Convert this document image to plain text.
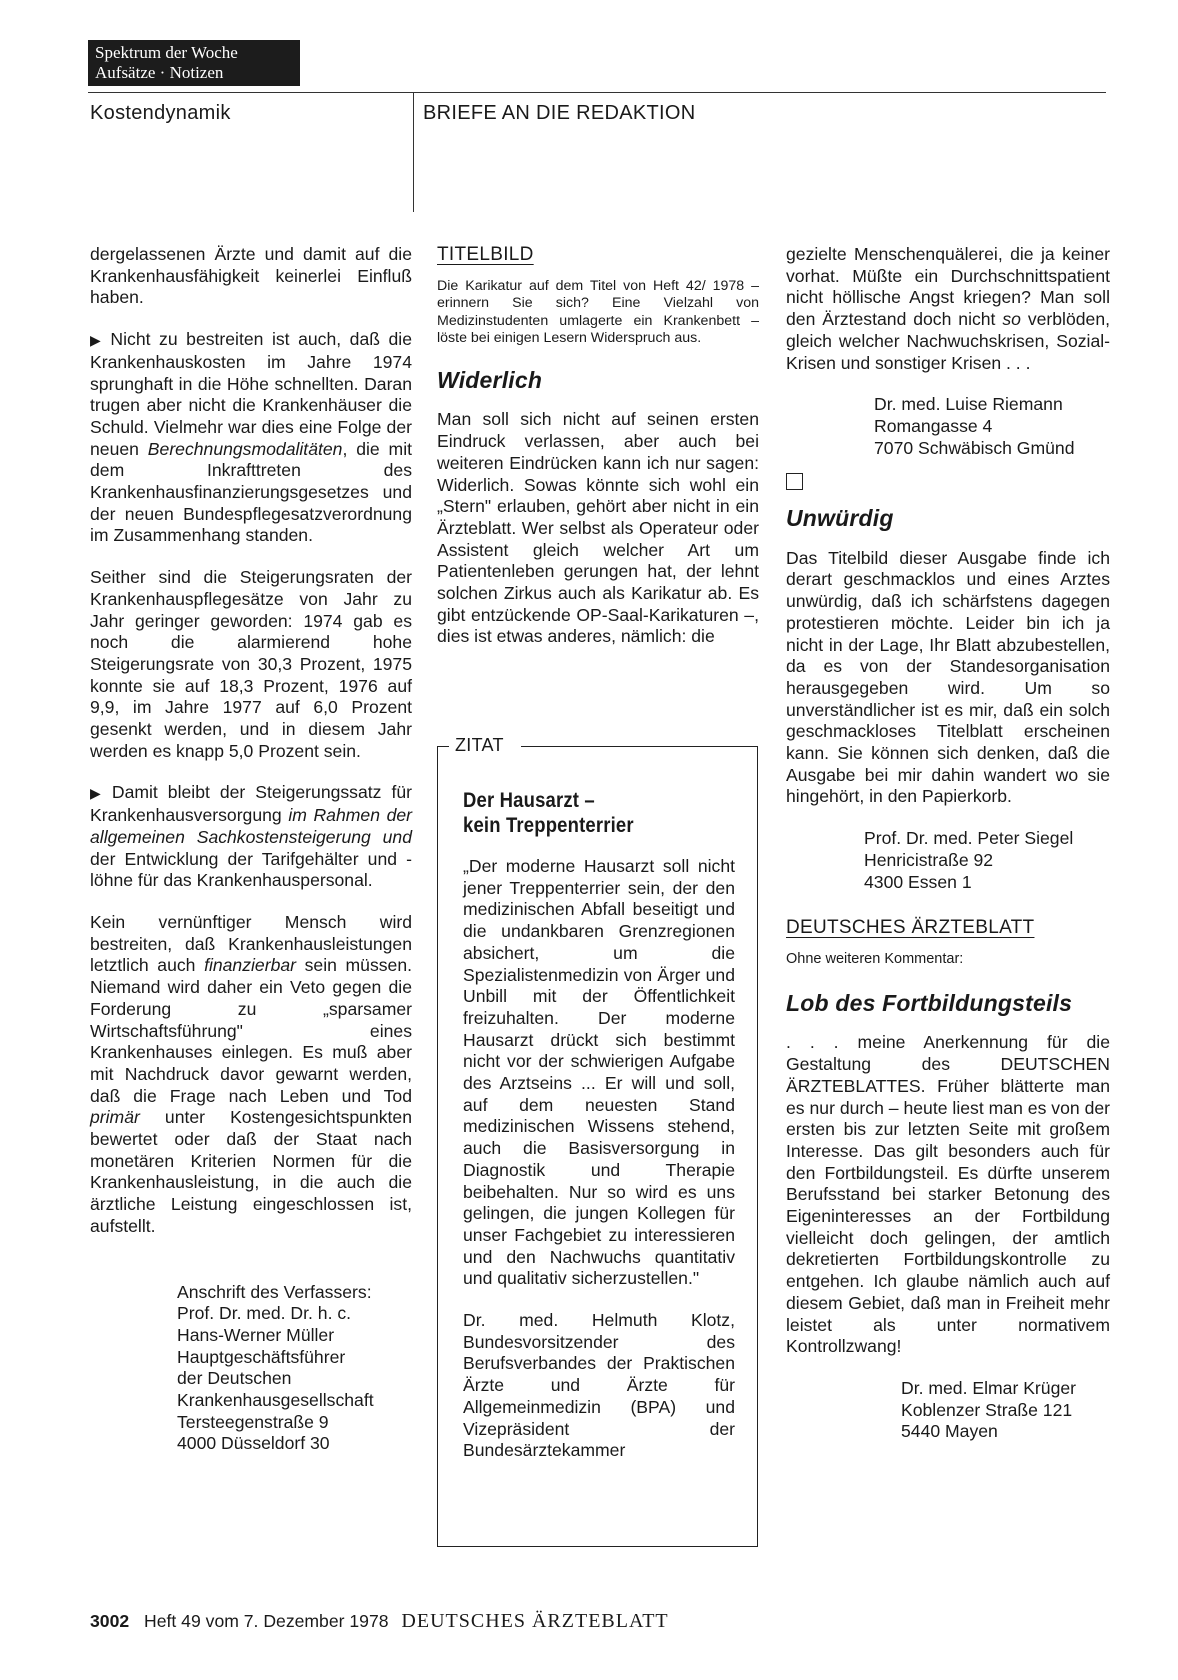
Spektrum der Woche
Aufsätze · Notizen
Kostendynamik	BRIEFE AN DIE REDAKTION

dergelassenen Ärzte und damit auf die Krankenhausfähigkeit keinerlei Einfluß haben.

▶ Nicht zu bestreiten ist auch, daß die Krankenhauskosten im Jahre 1974 sprunghaft in die Höhe schnellten. Daran trugen aber nicht die Krankenhäuser die Schuld. Vielmehr war dies eine Folge der neuen Berechnungsmodalitäten, die mit dem Inkrafttreten des Krankenhausfinanzierungsgesetzes und der neuen Bundespflegesatzverordnung im Zusammenhang standen.

Seither sind die Steigerungsraten der Krankenhauspflegesätze von Jahr zu Jahr geringer geworden: 1974 gab es noch die alarmierend hohe Steigerungsrate von 30,3 Prozent, 1975 konnte sie auf 18,3 Prozent, 1976 auf 9,9, im Jahre 1977 auf 6,0 Prozent gesenkt werden, und in diesem Jahr werden es knapp 5,0 Prozent sein.

▶ Damit bleibt der Steigerungssatz für Krankenhausversorgung im Rahmen der allgemeinen Sachkostensteigerung und der Entwicklung der Tarifgehälter und -löhne für das Krankenhauspersonal.

Kein vernünftiger Mensch wird bestreiten, daß Krankenhausleistungen letztlich auch finanzierbar sein müssen. Niemand wird daher ein Veto gegen die Forderung zu „sparsamer Wirtschaftsführung" eines Krankenhauses einlegen. Es muß aber mit Nachdruck davor gewarnt werden, daß die Frage nach Leben und Tod primär unter Kostengesichtspunkten bewertet oder daß der Staat nach monetären Kriterien Normen für die Krankenhausleistung, in die auch die ärztliche Leistung eingeschlossen ist, aufstellt.

Anschrift des Verfassers:
Prof. Dr. med. Dr. h. c.
Hans-Werner Müller
Hauptgeschäftsführer
der Deutschen
Krankenhausgesellschaft
Tersteegenstraße 9
4000 Düsseldorf 30
TITELBILD
Die Karikatur auf dem Titel von Heft 42/ 1978 – erinnern Sie sich? Eine Vielzahl von Medizinstudenten umlagerte ein Krankenbett – löste bei einigen Lesern Widerspruch aus.
Widerlich

Man soll sich nicht auf seinen ersten Eindruck verlassen, aber auch bei weiteren Eindrücken kann ich nur sagen: Widerlich. Sowas könnte sich wohl ein „Stern" erlauben, gehört aber nicht in ein Ärzteblatt. Wer selbst als Operateur oder Assistent gleich welcher Art um Patientenleben gerungen hat, der lehnt solchen Zirkus auch als Karikatur ab. Es gibt entzückende OP-Saal-Karikaturen –, dies ist etwas anderes, nämlich: die

ZITAT
Der Hausarzt –
kein Treppenterrier

„Der moderne Hausarzt soll nicht jener Treppenterrier sein, der den medizinischen Abfall beseitigt und die undankbaren Grenzregionen absichert, um die Spezialistenmedizin von Ärger und Unbill mit der Öffentlichkeit freizuhalten. Der moderne Hausarzt drückt sich bestimmt nicht vor der schwierigen Aufgabe des Arztseins ... Er will und soll, auf dem neuesten Stand medizinischen Wissens stehend, auch die Basisversorgung in Diagnostik und Therapie beibehalten. Nur so wird es uns gelingen, die jungen Kollegen für unser Fachgebiet zu interessieren und den Nachwuchs quantitativ und qualitativ sicherzustellen."

Dr. med. Helmuth Klotz, Bundesvorsitzender des Berufsverbandes der Praktischen Ärzte und Ärzte für Allgemeinmedizin (BPA) und Vizepräsident der Bundesärztekammer

gezielte Menschenquälerei, die ja keiner vorhat. Müßte ein Durchschnittspatient nicht höllische Angst kriegen? Man soll den Ärztestand doch nicht so verblöden, gleich welcher Nachwuchskrisen, Sozial-Krisen und sonstiger Krisen . . .

Dr. med. Luise Riemann
Romangasse 4
7070 Schwäbisch Gmünd
Unwürdig

Das Titelbild dieser Ausgabe finde ich derart geschmacklos und eines Arztes unwürdig, daß ich schärfstens dagegen protestieren möchte. Leider bin ich ja nicht in der Lage, Ihr Blatt abzubestellen, da es von der Standesorganisation herausgegeben wird. Um so unverständlicher ist es mir, daß ein solch geschmackloses Titelblatt erscheinen kann. Sie können sich denken, daß die Ausgabe bei mir dahin wandert wo sie hingehört, in den Papierkorb.

Prof. Dr. med. Peter Siegel
Henricistraße 92
4300 Essen 1
DEUTSCHES ÄRZTEBLATT
Ohne weiteren Kommentar:
Lob des Fortbildungsteils

. . . meine Anerkennung für die Gestaltung des DEUTSCHEN ÄRZTEBLATTES. Früher blätterte man es nur durch – heute liest man es von der ersten bis zur letzten Seite mit großem Interesse. Das gilt besonders auch für den Fortbildungsteil. Es dürfte unserem Berufsstand bei starker Betonung des Eigeninteresses an der Fortbildung vielleicht doch gelingen, der amtlich dekretierten Fortbildungskontrolle zu entgehen. Ich glaube nämlich auch auf diesem Gebiet, daß man in Freiheit mehr leistet als unter normativem Kontrollzwang!

Dr. med. Elmar Krüger
Koblenzer Straße 121
5440 Mayen
3002 Heft 49 vom 7. Dezember 1978 DEUTSCHES ÄRZTEBLATT
